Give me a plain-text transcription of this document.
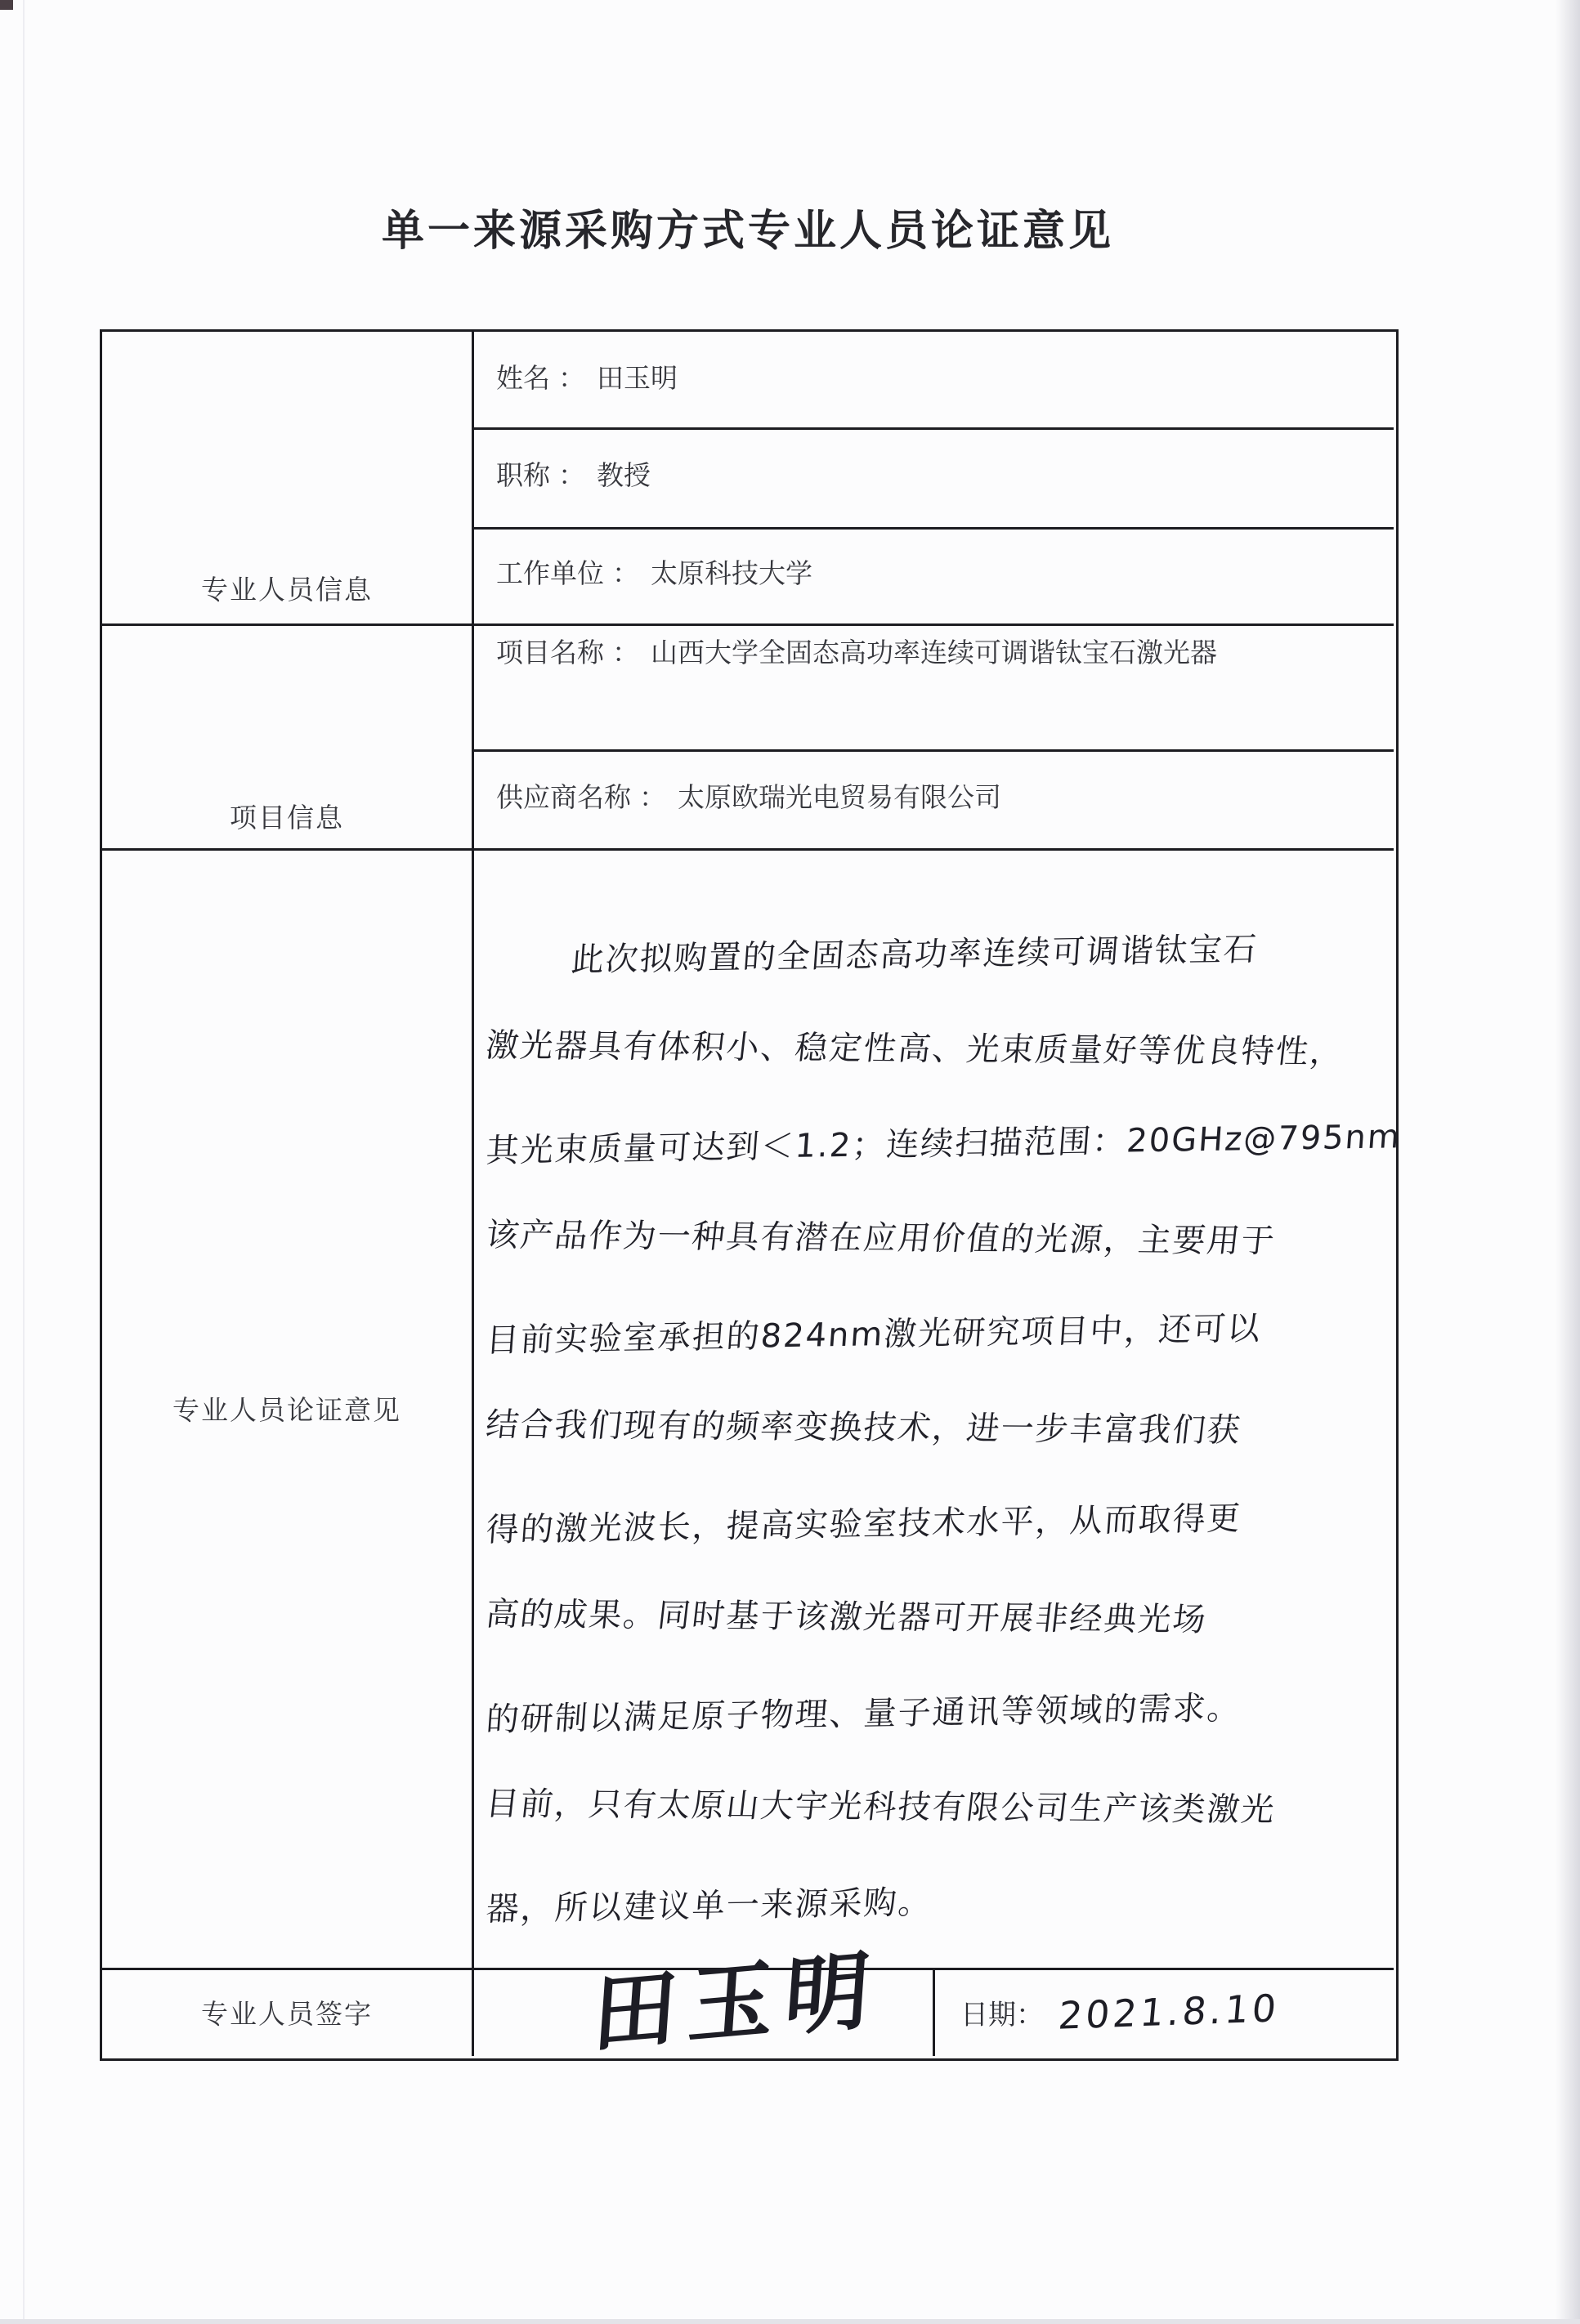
单一来源采购方式专业人员论证意见
专业人员信息
项目信息
专业人员论证意见
专业人员签字
姓名 ： 田玉明
职称 ： 教授
工作单位 ： 太原科技大学
项目名称 ： 山西大学全固态高功率连续可调谐钛宝石激光器
供应商名称 ： 太原欧瑞光电贸易有限公司
此次拟购置的全固态高功率连续可调谐钛宝石
激光器具有体积小、稳定性高、光束质量好等优良特性，
其光束质量可达到＜1.2；连续扫描范围：20GHz@795nm
该产品作为一种具有潜在应用价值的光源，主要用于
目前实验室承担的824nm激光研究项目中，还可以
结合我们现有的频率变换技术，进一步丰富我们获
得的激光波长，提高实验室技术水平，从而取得更
高的成果。同时基于该激光器可开展非经典光场
的研制以满足原子物理、量子通讯等领域的需求。
目前，只有太原山大宇光科技有限公司生产该类激光
器，所以建议单一来源采购。
田玉明	日期： 2021.8.10
